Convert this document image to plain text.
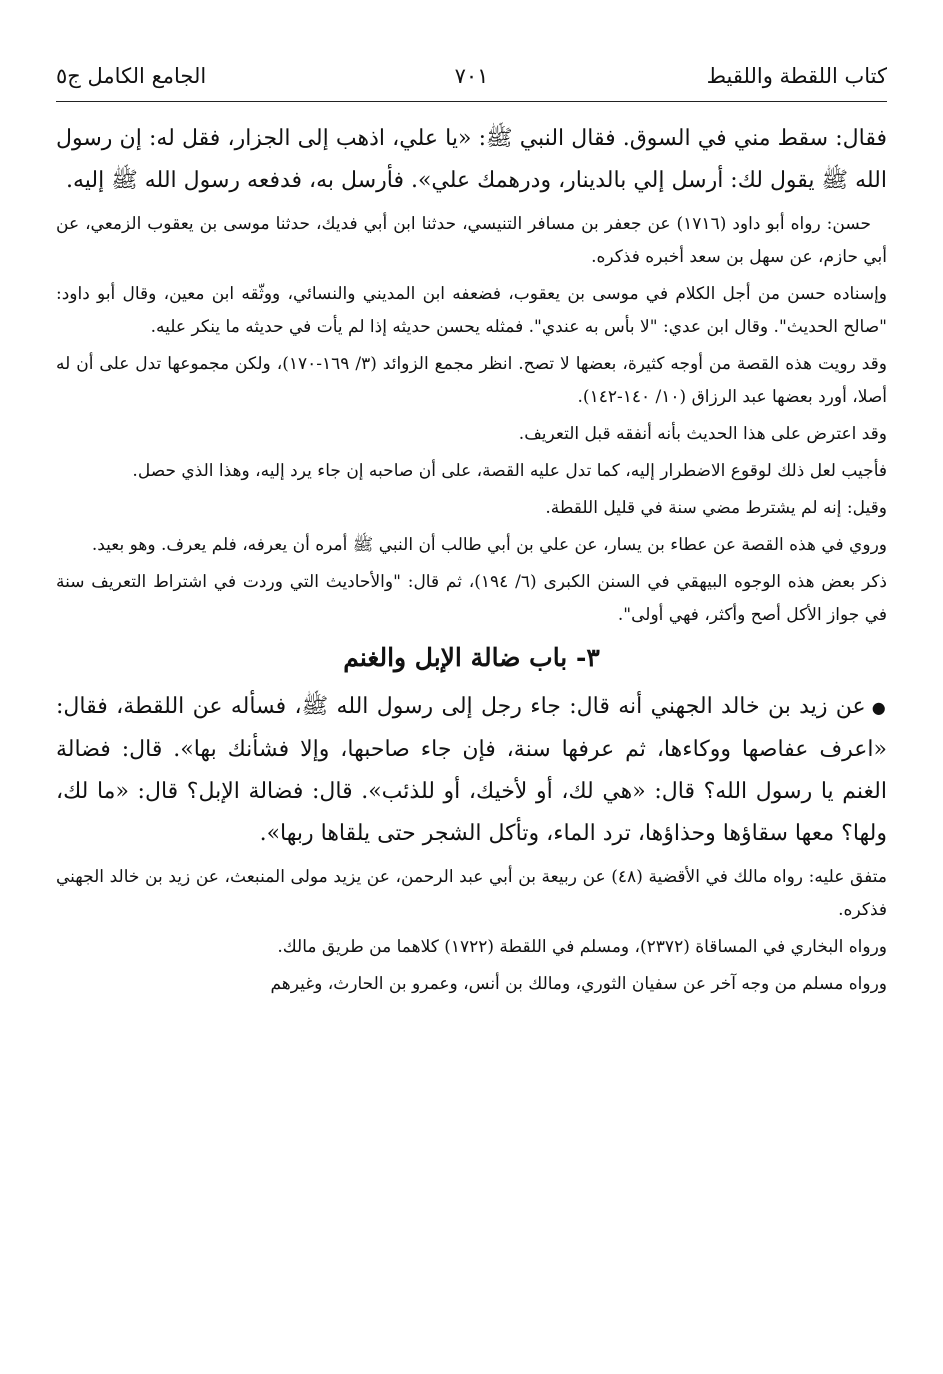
كتاب اللقطة واللقيط
٧٠١
الجامع الكامل ج٥

فقال: سقط مني في السوق. فقال النبي ﷺ: «يا علي، اذهب إلى الجزار، فقل له: إن رسول الله ﷺ يقول لك: أرسل إلي بالدينار، ودرهمك علي». فأرسل به، فدفعه رسول الله ﷺ إليه.

حسن: رواه أبو داود (١٧١٦) عن جعفر بن مسافر التنيسي، حدثنا ابن أبي فديك، حدثنا موسى بن يعقوب الزمعي، عن أبي حازم، عن سهل بن سعد أخبره فذكره.

وإسناده حسن من أجل الكلام في موسى بن يعقوب، فضعفه ابن المديني والنسائي، ووثّقه ابن معين، وقال أبو داود: "صالح الحديث". وقال ابن عدي: "لا بأس به عندي". فمثله يحسن حديثه إذا لم يأت في حديثه ما ينكر عليه.

وقد رويت هذه القصة من أوجه كثيرة، بعضها لا تصح. انظر مجمع الزوائد (٣/ ١٦٩-١٧٠)، ولكن مجموعها تدل على أن له أصلا، أورد بعضها عبد الرزاق (١٠/ ١٤٠-١٤٢).

وقد اعترض على هذا الحديث بأنه أنفقه قبل التعريف.

فأجيب لعل ذلك لوقوع الاضطرار إليه، كما تدل عليه القصة، على أن صاحبه إن جاء يرد إليه، وهذا الذي حصل.

وقيل: إنه لم يشترط مضي سنة في قليل اللقطة.

وروي في هذه القصة عن عطاء بن يسار، عن علي بن أبي طالب أن النبي ﷺ أمره أن يعرفه، فلم يعرف. وهو بعيد.

ذكر بعض هذه الوجوه البيهقي في السنن الكبرى (٦/ ١٩٤)، ثم قال: "والأحاديث التي وردت في اشتراط التعريف سنة في جواز الأكل أصح وأكثر، فهي أولى".

٣- باب ضالة الإبل والغنم

●عن زيد بن خالد الجهني أنه قال: جاء رجل إلى رسول الله ﷺ، فسأله عن اللقطة، فقال: «اعرف عفاصها ووكاءها، ثم عرفها سنة، فإن جاء صاحبها، وإلا فشأنك بها». قال: فضالة الغنم يا رسول الله؟ قال: «هي لك، أو لأخيك، أو للذئب». قال: فضالة الإبل؟ قال: «ما لك، ولها؟ معها سقاؤها وحذاؤها، ترد الماء، وتأكل الشجر حتى يلقاها ربها».

متفق عليه: رواه مالك في الأقضية (٤٨) عن ربيعة بن أبي عبد الرحمن، عن يزيد مولى المنبعث، عن زيد بن خالد الجهني فذكره.

ورواه البخاري في المساقاة (٢٣٧٢)، ومسلم في اللقطة (١٧٢٢) كلاهما من طريق مالك.

ورواه مسلم من وجه آخر عن سفيان الثوري، ومالك بن أنس، وعمرو بن الحارث، وغيرهم
